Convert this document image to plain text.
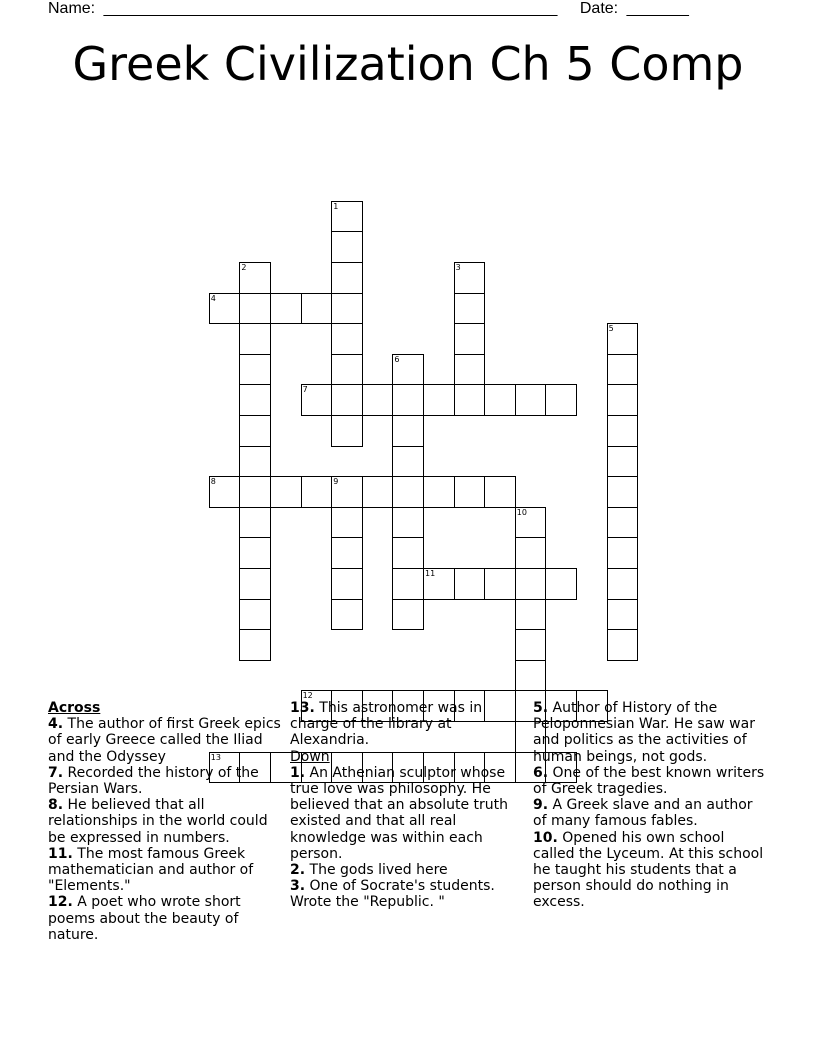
Name: ___________________________________________________ Date: _______
Greek Civilization Ch 5 Comp
1
2	3
4
5
6
7
8	9
10
11
12
13
Across
4. The author of first Greek epics of early Greece called the Iliad and the Odyssey
7. Recorded the history of the Persian Wars.
8. He believed that all relationships in the world could be expressed in numbers.
11. The most famous Greek mathematician and author of "Elements."
12. A poet who wrote short poems about the beauty of nature.
13. This astronomer was in charge of the library at Alexandria.
Down
1. An Athenian sculptor whose true love was philosophy. He believed that an absolute truth existed and that all real knowledge was within each person.
2. The gods lived here
3. One of Socrate's students. Wrote the "Republic. "
5. Author of History of the Peloponnesian War. He saw war and politics as the activities of human beings, not gods.
6. One of the best known writers of Greek tragedies.
9. A Greek slave and an author of many famous fables.
10. Opened his own school called the Lyceum. At this school he taught his students that a person should do nothing in excess.
